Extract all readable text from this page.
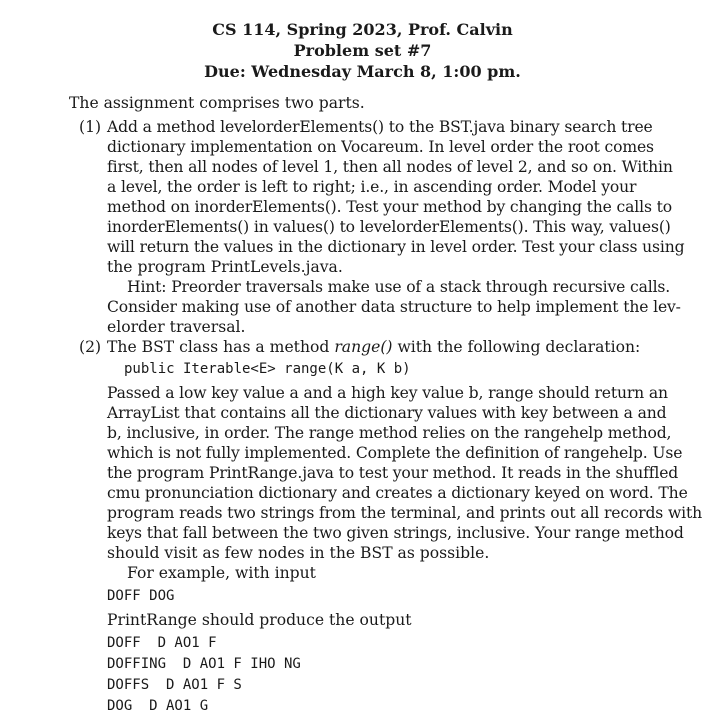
CS 114, Spring 2023, Prof. Calvin
Problem set #7
Due: Wednesday March 8, 1:00 pm.
The assignment comprises two parts.
(1) Add a method levelorderElements() to the BST.java binary search tree
dictionary implementation on Vocareum. In level order the root comes
first, then all nodes of level 1, then all nodes of level 2, and so on. Within
a level, the order is left to right; i.e., in ascending order. Model your
method on inorderElements(). Test your method by changing the calls to
inorderElements() in values() to levelorderElements(). This way, values()
will return the values in the dictionary in level order. Test your class using
the program PrintLevels.java.
Hint: Preorder traversals make use of a stack through recursive calls.
Consider making use of another data structure to help implement the lev-
elorder traversal.
(2) The BST class has a method range() with the following declaration:
public Iterable<E> range(K a, K b)
Passed a low key value a and a high key value b, range should return an
ArrayList that contains all the dictionary values with key between a and
b, inclusive, in order. The range method relies on the rangehelp method,
which is not fully implemented. Complete the definition of rangehelp. Use
the program PrintRange.java to test your method. It reads in the shuffled
cmu pronunciation dictionary and creates a dictionary keyed on word. The
program reads two strings from the terminal, and prints out all records with
keys that fall between the two given strings, inclusive. Your range method
should visit as few nodes in the BST as possible.
For example, with input
DOFF DOG
PrintRange should produce the output
DOFF  D AO1 F
DOFFING  D AO1 F IHO NG
DOFFS  D AO1 F S
DOG  D AO1 G
